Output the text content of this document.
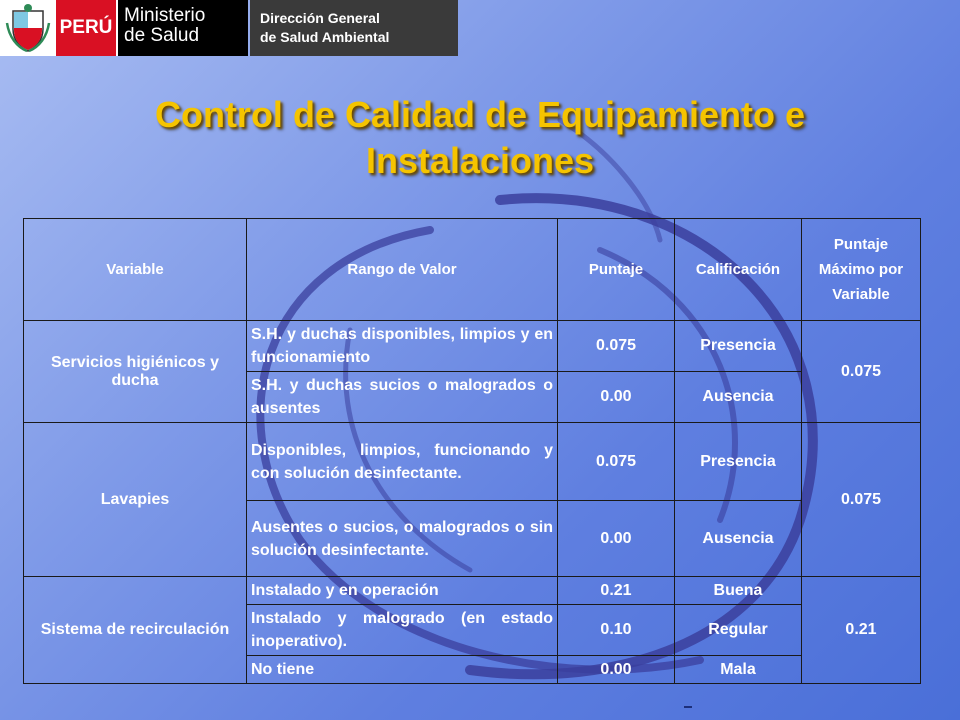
PERÚ
Ministerio
de Salud
Dirección General
de Salud Ambiental
Control de Calidad de Equipamiento e
Instalaciones
Variable	Rango de Valor	Puntaje	Calificación	Puntaje Máximo por Variable
Servicios higiénicos y ducha	S.H. y duchas disponibles, limpios y en funcionamiento	0.075	Presencia	0.075
	S.H. y duchas sucios o malogrados o ausentes	0.00	Ausencia	
Lavapies	Disponibles, limpios, funcionando y con solución desinfectante.	0.075	Presencia	0.075
	Ausentes o sucios, o malogrados o sin solución desinfectante.	0.00	Ausencia	
Sistema de recirculación	Instalado y en operación	0.21	Buena	0.21
	Instalado y malogrado (en estado inoperativo).	0.10	Regular	
	No tiene	0.00	Mala	
